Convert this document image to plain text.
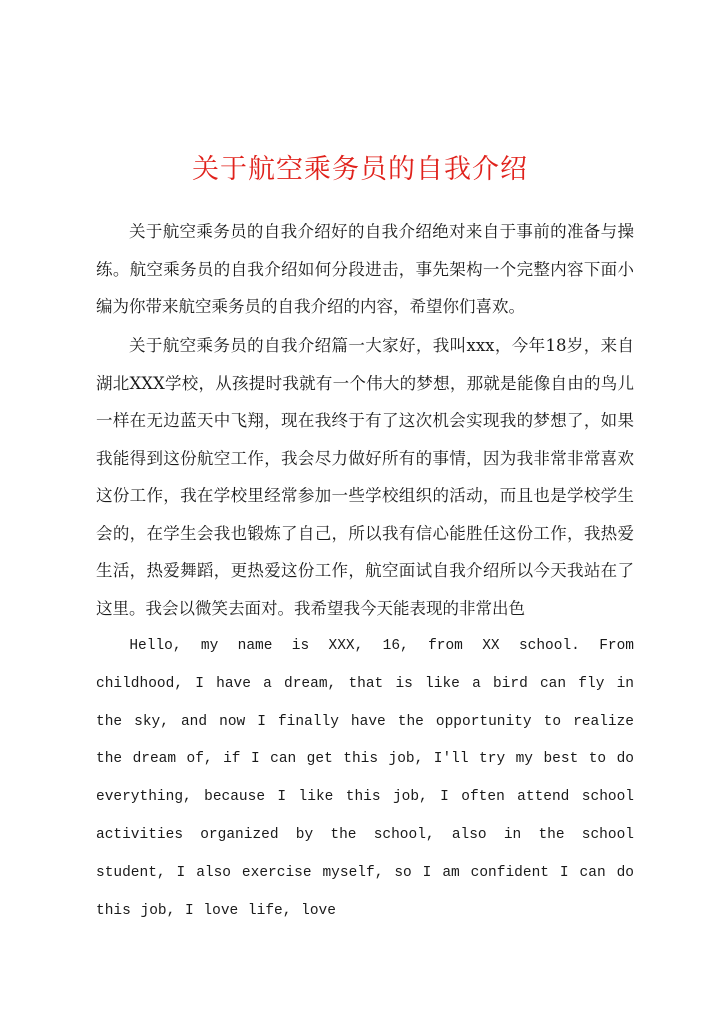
关于航空乘务员的自我介绍

关于航空乘务员的自我介绍好的自我介绍绝对来自于事前的准备与操练。航空乘务员的自我介绍如何分段进击，事先架构一个完整内容下面小编为你带来航空乘务员的自我介绍的内容，希望你们喜欢。

关于航空乘务员的自我介绍篇一大家好，我叫xxx，今年18岁，来自湖北XXX学校，从孩提时我就有一个伟大的梦想，那就是能像自由的鸟儿一样在无边蓝天中飞翔，现在我终于有了这次机会实现我的梦想了，如果我能得到这份航空工作，我会尽力做好所有的事情，因为我非常非常喜欢这份工作，我在学校里经常参加一些学校组织的活动，而且也是学校学生会的，在学生会我也锻炼了自己，所以我有信心能胜任这份工作，我热爱生活，热爱舞蹈，更热爱这份工作，航空面试自我介绍所以今天我站在了这里。我会以微笑去面对。我希望我今天能表现的非常出色

Hello, my name is XXX, 16, from XX school. From childhood, I have a dream, that is like a bird can fly in the sky, and now I finally have the opportunity to realize the dream of, if I can get this job, I'll try my best to do everything, because I like this job, I often attend school activities organized by the school, also in the school student, I also exercise myself, so I am confident I can do this job, I love life, love
